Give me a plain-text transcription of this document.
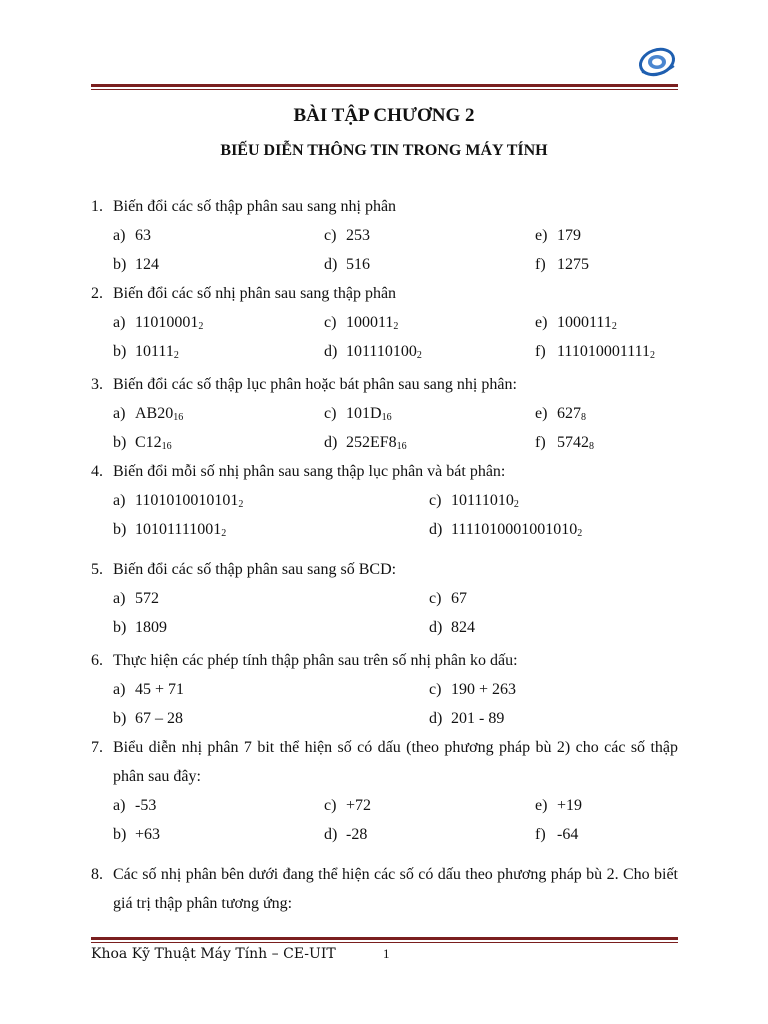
BÀI TẬP CHƯƠNG 2
BIẾU DIỄN THÔNG TIN TRONG MÁY TÍNH
1. Biến đổi các số thập phân sau sang nhị phân
a) 63	c) 253	e) 179
b) 124	d) 516	f) 1275
2. Biến đổi các số nhị phân sau sang thập phân
a) $11010001_2$	c) $100011_2$	e) $1000111_2$
b) $10111_2$	d) $101110100_2$	f) $111010001111_2$
3. Biến đổi các số thập lục phân hoặc bát phân sau sang nhị phân:
a) $AB20_{16}$	c) $101D_{16}$	e) $627_8$
b) $C12_{16}$	d) $252EF8_{16}$	f) $5742_8$
4. Biến đổi mỗi số nhị phân sau sang thập lục phân và bát phân:
a) $1101010010101_2$	c) $10111010_2$
b) $10101111001_2$	d) $1111010001001010_2$
5. Biến đổi các số thập phân sau sang số BCD:
a) 572	c) 67
b) 1809	d) 824
6. Thực hiện các phép tính thập phân sau trên số nhị phân ko dấu:
a) 45 + 71	c) 190 + 263
b) 67 – 28	d) 201 - 89
7. Biểu diễn nhị phân 7 bit thể hiện số có dấu (theo phương pháp bù 2) cho các số thập phân sau đây:
a) -53	c) +72	e) +19
b) +63	d) -28	f) -64
8. Các số nhị phân bên dưới đang thể hiện các số có dấu theo phương pháp bù 2. Cho biết giá trị thập phân tương ứng:
Khoa Kỹ Thuật Máy Tính – CE-UIT	1
